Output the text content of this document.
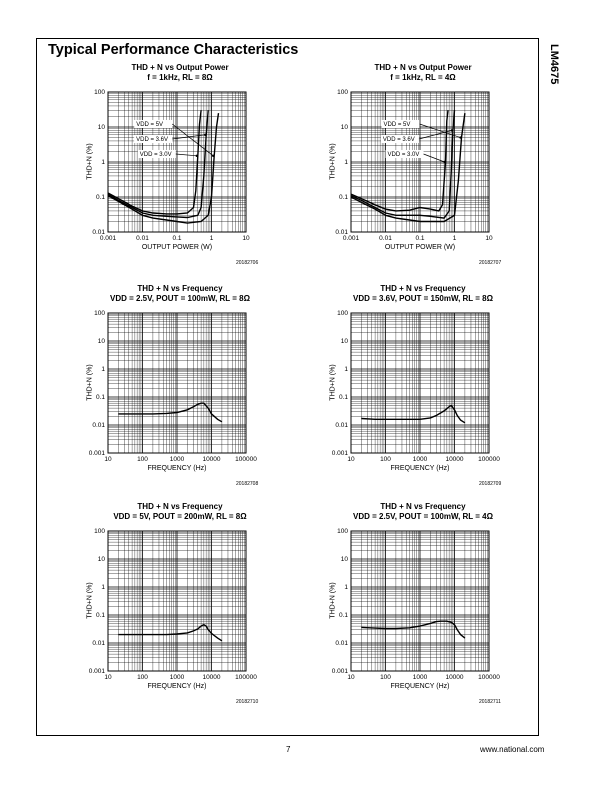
Typical Performance Characteristics	LM4675
THD + N vs Output Power
f = 1kHz, RL = 8Ω
0.001	0.01	0.1	1	10
100
10
1
0.1
0.01
VDD = 5V
VDD = 3.6V
VDD = 3.0V
OUTPUT POWER (W)
THD+N (%)
20182706
THD + N vs Output Power
f = 1kHz, RL = 4Ω
0.001	0.01	0.1	1	10
100
10
1
0.1
0.01
VDD = 5V
VDD = 3.6V
VDD = 3.0V
OUTPUT POWER (W)
THD+N (%)
20182707
THD + N vs Frequency
VDD = 2.5V, POUT = 100mW, RL = 8Ω
10	100	1000	10000 100000
100
10
1
0.1
0.01
0.001
FREQUENCY (Hz)
THD+N (%)
20182708
THD + N vs Frequency
VDD = 3.6V, POUT = 150mW, RL = 8Ω
10	100	1000	10000 100000
100
10
1
0.1
0.01
0.001
FREQUENCY (Hz)
THD+N (%)
20182709
THD + N vs Frequency
VDD = 5V, POUT = 200mW, RL = 8Ω
10	100	1000	10000 100000
100
10
1
0.1
0.01
0.001
FREQUENCY (Hz)
THD+N (%)
20182710
THD + N vs Frequency
VDD = 2.5V, POUT = 100mW, RL = 4Ω
10	100	1000	10000 100000
100
10
1
0.1
0.01
0.001
FREQUENCY (Hz)
THD+N (%)
20182711
7	www.national.com
